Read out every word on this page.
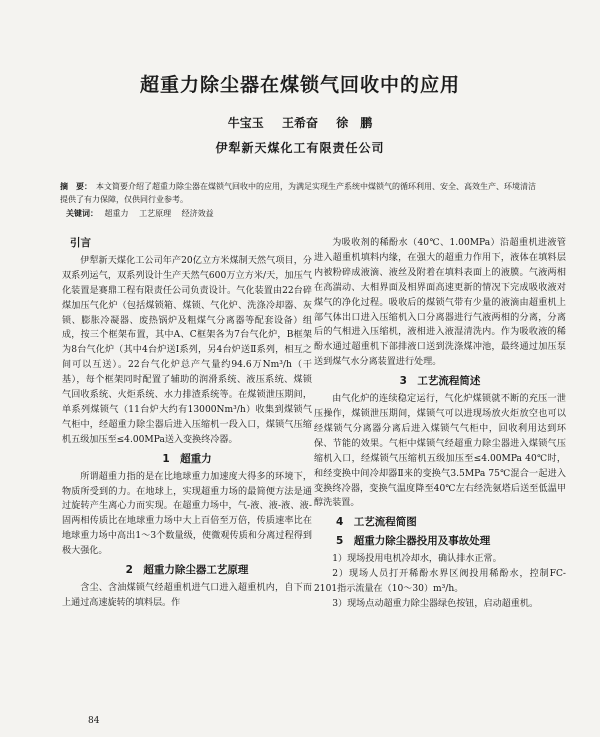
超重力除尘器在煤锁气回收中的应用
牛宝玉 王希奋 徐　鹏
伊犁新天煤化工有限责任公司
摘　要： 本文简要介绍了超重力除尘器在煤锁气回收中的应用，为满足实现生产系统中煤锁气的循环利用、安全、高效生产、环境清洁提供了有力保障，仅供同行业参考。
关键词： 超重力 工艺原理 经济效益
引言

伊犁新天煤化工公司年产20亿立方米煤制天然气项目，分双系列运气，双系列设计生产天然气600万立方米/天，加压气化装置是赛鼎工程有限责任公司负责设计。气化装置由22台碎煤加压气化炉（包括煤锁箱、煤锁、气化炉、洗涤冷却器、灰锁、膨胀冷凝器、废热锅炉及粗煤气分离器等配套设备）组成，按三个框架布置，其中A、C框架各为7台气化炉，B框架为8台气化炉（其中4台炉送Ⅰ系列，另4台炉送Ⅱ系列，相互之间可以互送）。22台气化炉总产气量约94.6万Nm³/h（干基），每个框架同时配置了辅助的润滑系统、液压系统、煤锁气回收系统、火炬系统、水力排渣系统等。在煤锁泄压期间，单系列煤锁气（11台炉大约有13000Nm³/h）收集到煤锁气气柜中，经超重力除尘器后进入压缩机一段入口，煤锁气压缩机五级加压至≤4.00MPa送入变换终冷器。

1　超重力

所谓超重力指的是在比地球重力加速度大得多的环境下，物质所受到的力。在地球上，实现超重力场的最简便方法是通过旋转产生离心力而实现。在超重力场中，气-液、液-液、液-固两相传质比在地球重力场中大上百倍至万倍，传质速率比在地球重力场中高出1～3个数量级，使微观传质和分离过程得到极大强化。

2　超重力除尘器工艺原理

含尘、含油煤锁气经超重机进气口进入超重机内，自下而上通过高速旋转的填料层。作

为吸收剂的稀酚水（40℃、1.00MPa）沿超重机进液管进入超重机填料内缘，在强大的超重力作用下，液体在填料层内被粉碎成液滴、液丝及附着在填料表面上的液膜。气液两相在高湍动、大相界面及相界面高速更新的情况下完成吸收液对煤气的净化过程。吸收后的煤锁气带有少量的液滴由超重机上部气体出口进入压缩机入口分离器进行气液两相的分离，分离后的气相进入压缩机，液相进入液湿清洗内。作为吸收液的稀酚水通过超重机下部排液口送到洗涤煤冲池，最终通过加压泵送到煤气水分离装置进行处理。

3　工艺流程简述

由气化炉的连续稳定运行，气化炉煤锁就不断的充压一泄压操作，煤锁泄压期间，煤锁气可以进现场放火炬放空也可以经煤锁气分离器分离后进入煤锁气气柜中，回收利用达到环保、节能的效果。气柜中煤锁气经超重力除尘器进入煤锁气压缩机入口，经煤锁气压缩机五级加压至≤4.00MPa 40℃时，和经变换中间冷却器Ⅱ来的变换气3.5MPa 75℃混合一起进入变换终冷器，变换气温度降至40℃左右经洗氨塔后送至低温甲醇洗装置。

4　工艺流程简图
5　超重力除尘器投用及事故处理

1）现场投用电机冷却水，确认排水正常。

2）现场人员打开稀酚水界区阀投用稀酚水，控制FC-2101指示流量在（10～30）m³/h。

3）现场点动超重力除尘器绿色按钮，启动超重机。

84
